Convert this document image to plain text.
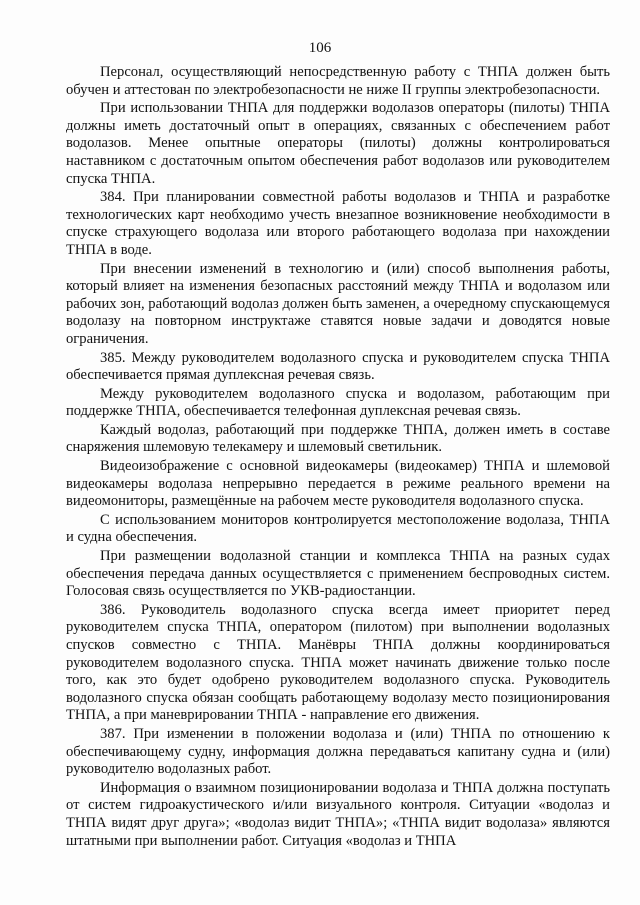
106

Персонал, осуществляющий непосредственную работу с ТНПА должен быть обучен и аттестован по электробезопасности не ниже II группы электробезопасности.

При использовании ТНПА для поддержки водолазов операторы (пилоты) ТНПА должны иметь достаточный опыт в операциях, связанных с обеспечением работ водолазов. Менее опытные операторы (пилоты) должны контролироваться наставником с достаточным опытом обеспечения работ водолазов или руководителем спуска ТНПА.

384. При планировании совместной работы водолазов и ТНПА и разработке технологических карт необходимо учесть внезапное возникновение необходимости в спуске страхующего водолаза или второго работающего водолаза при нахождении ТНПА в воде.

При внесении изменений в технологию и (или) способ выполнения работы, который влияет на изменения безопасных расстояний между ТНПА и водолазом или рабочих зон, работающий водолаз должен быть заменен, а очередному спускающемуся водолазу на повторном инструктаже ставятся новые задачи и доводятся новые ограничения.

385. Между руководителем водолазного спуска и руководителем спуска ТНПА обеспечивается прямая дуплексная речевая связь.

Между руководителем водолазного спуска и водолазом, работающим при поддержке ТНПА, обеспечивается телефонная дуплексная речевая связь.

Каждый водолаз, работающий при поддержке ТНПА, должен иметь в составе снаряжения шлемовую телекамеру и шлемовый светильник.

Видеоизображение с основной видеокамеры (видеокамер) ТНПА и шлемовой видеокамеры водолаза непрерывно передается в режиме реального времени на видеомониторы, размещённые на рабочем месте руководителя водолазного спуска.

С использованием мониторов контролируется местоположение водолаза, ТНПА и судна обеспечения.

При размещении водолазной станции и комплекса ТНПА на разных судах обеспечения передача данных осуществляется с применением беспроводных систем. Голосовая связь осуществляется по УКВ-радиостанции.

386. Руководитель водолазного спуска всегда имеет приоритет перед руководителем спуска ТНПА, оператором (пилотом) при выполнении водолазных спусков совместно с ТНПА. Манёвры ТНПА должны координироваться руководителем водолазного спуска. ТНПА может начинать движение только после того, как это будет одобрено руководителем водолазного спуска. Руководитель водолазного спуска обязан сообщать работающему водолазу место позиционирования ТНПА, а при маневрировании ТНПА - направление его движения.

387. При изменении в положении водолаза и (или) ТНПА по отношению к обеспечивающему судну, информация должна передаваться капитану судна и (или) руководителю водолазных работ.

Информация о взаимном позиционировании водолаза и ТНПА должна поступать от систем гидроакустического и/или визуального контроля. Ситуации «водолаз и ТНПА видят друг друга»; «водолаз видит ТНПА»; «ТНПА видит водолаза» являются штатными при выполнении работ. Ситуация «водолаз и ТНПА
